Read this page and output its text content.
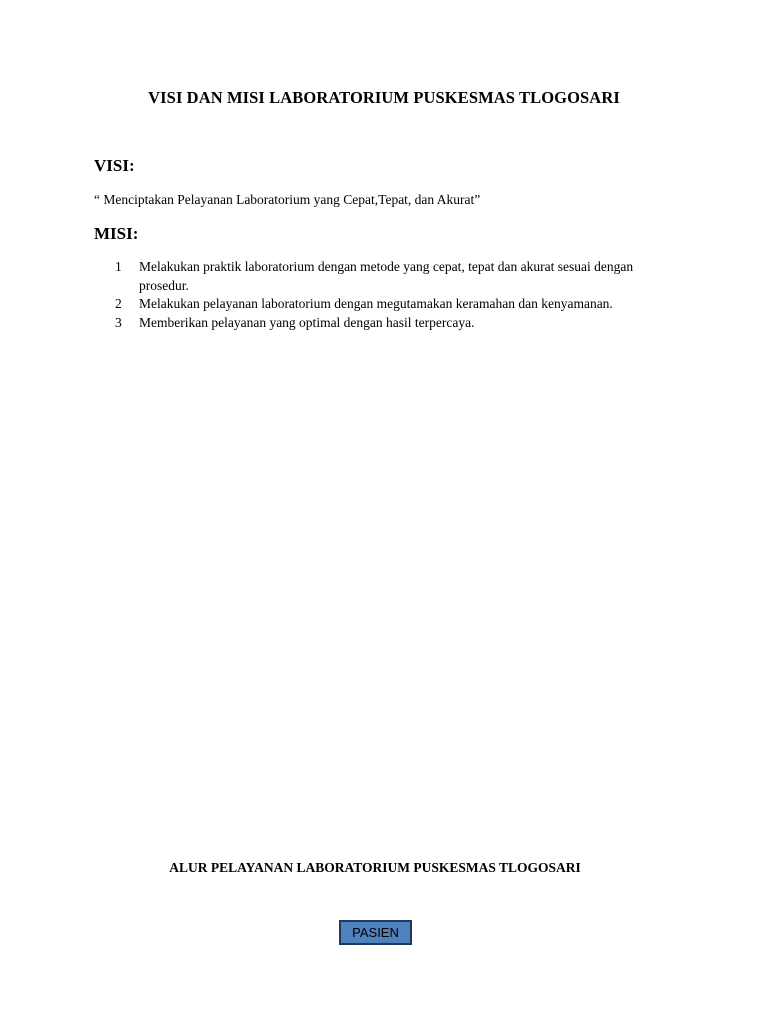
VISI DAN MISI LABORATORIUM PUSKESMAS TLOGOSARI
VISI:
“ Menciptakan Pelayanan Laboratorium yang Cepat,Tepat, dan Akurat”
MISI:
1	Melakukan praktik laboratorium dengan metode yang cepat, tepat dan akurat sesuai dengan prosedur.
2	Melakukan pelayanan laboratorium dengan megutamakan keramahan dan kenyamanan.
3	Memberikan pelayanan yang optimal dengan hasil terpercaya.
ALUR PELAYANAN LABORATORIUM PUSKESMAS TLOGOSARI
PASIEN
